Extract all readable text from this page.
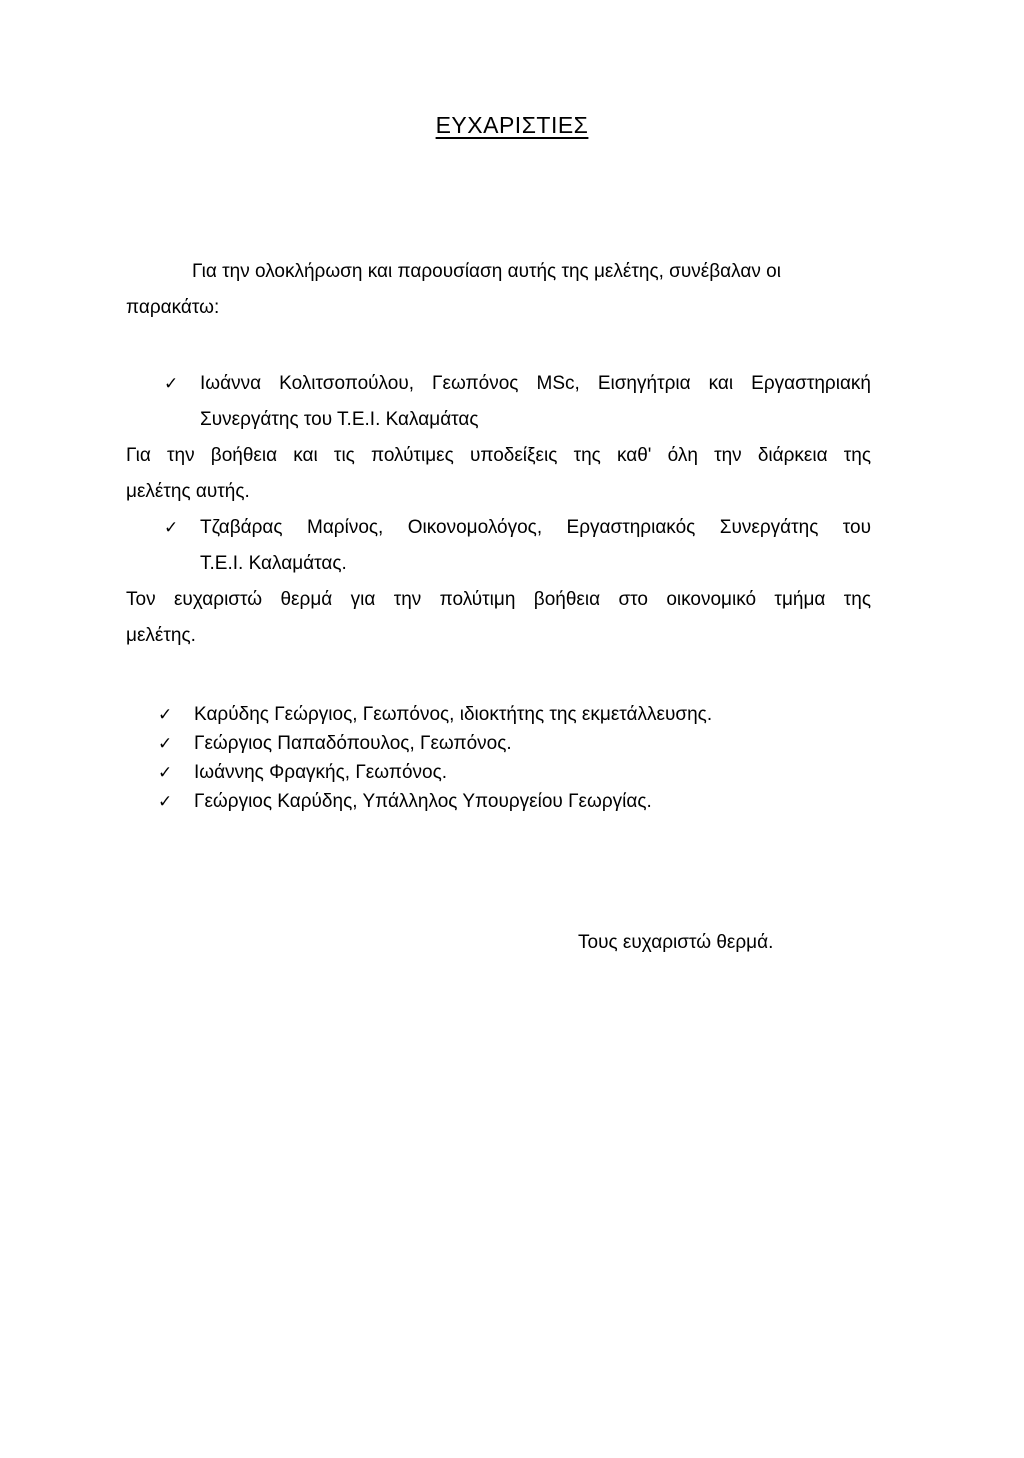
ΕΥΧΑΡΙΣΤΙΕΣ
Για την ολοκλήρωση και παρουσίαση αυτής της μελέτης, συνέβαλαν οι
παρακάτω:
✓	Ιωάννα Κολιτσοπούλου, Γεωπόνος MSc, Εισηγήτρια και Εργαστηριακή
Συνεργάτης του Τ.Ε.Ι. Καλαμάτας
Για την βοήθεια και τις πολύτιμες υποδείξεις της καθ' όλη την διάρκεια της
μελέτης αυτής.
✓	Τζαβάρας Μαρίνος, Οικονομολόγος, Εργαστηριακός Συνεργάτης του
Τ.Ε.Ι. Καλαμάτας.
Τον ευχαριστώ θερμά για την πολύτιμη βοήθεια στο οικονομικό τμήμα της
μελέτης.
✓	Καρύδης Γεώργιος, Γεωπόνος, ιδιοκτήτης της εκμετάλλευσης.
✓	Γεώργιος Παπαδόπουλος, Γεωπόνος.
✓	Ιωάννης Φραγκής, Γεωπόνος.
✓	Γεώργιος Καρύδης, Υπάλληλος Υπουργείου Γεωργίας.
Τους ευχαριστώ θερμά.
